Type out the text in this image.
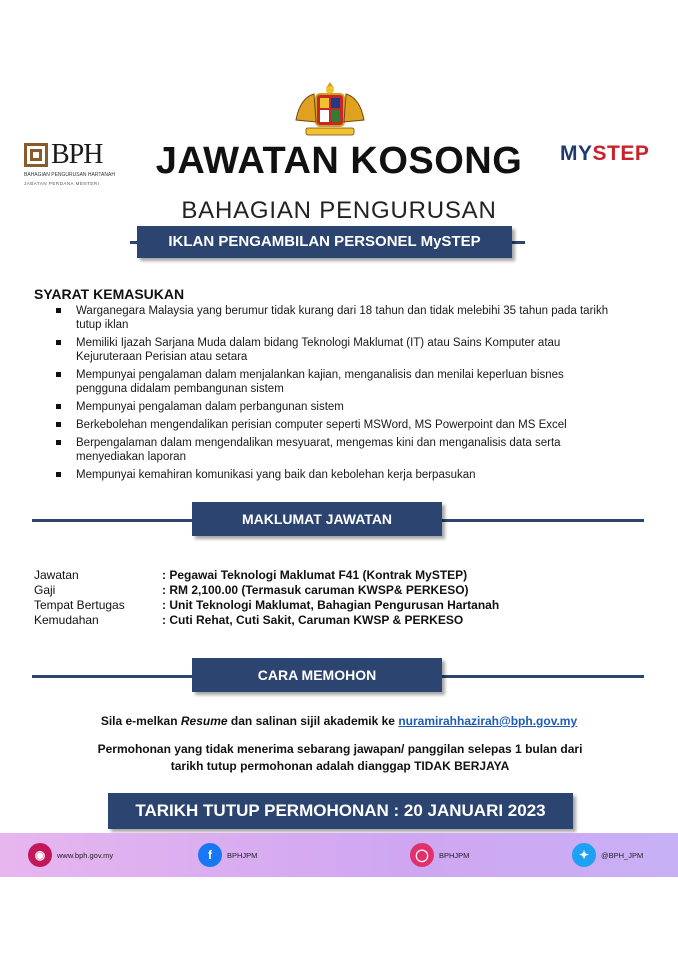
BPH
BAHAGIAN PENGURUSAN HARTANAH
JABATAN PERDANA MENTERI
MYSTEP
JAWATAN KOSONG
BAHAGIAN PENGURUSAN
IKLAN PENGAMBILAN PERSONEL MySTEP
SYARAT KEMASUKAN
Warganegara Malaysia yang berumur tidak kurang dari 18 tahun dan tidak melebihi 35 tahun pada tarikh tutup iklan
Memiliki Ijazah Sarjana Muda dalam bidang Teknologi Maklumat (IT) atau Sains Komputer atau Kejuruteraan Perisian atau setara
Mempunyai pengalaman dalam menjalankan kajian, menganalisis dan menilai keperluan bisnes pengguna didalam pembangunan sistem
Mempunyai pengalaman dalam perbangunan sistem
Berkebolehan mengendalikan perisian computer seperti MSWord, MS Powerpoint dan MS Excel
Berpengalaman dalam mengendalikan mesyuarat, mengemas kini dan menganalisis data serta menyediakan laporan
Mempunyai kemahiran komunikasi yang baik dan kebolehan kerja berpasukan
MAKLUMAT JAWATAN
Jawatan	: Pegawai Teknologi Maklumat F41 (Kontrak MySTEP)
Gaji	: RM 2,100.00 (Termasuk caruman KWSP& PERKESO)
Tempat Bertugas	: Unit Teknologi Maklumat, Bahagian Pengurusan Hartanah
Kemudahan	: Cuti Rehat, Cuti Sakit, Caruman KWSP & PERKESO
CARA MEMOHON
Sila e-melkan Resume dan salinan sijil akademik ke nuramirahhazirah@bph.gov.my
Permohonan yang tidak menerima sebarang jawapan/ panggilan selepas 1 bulan dari tarikh tutup permohonan adalah dianggap TIDAK BERJAYA
TARIKH TUTUP PERMOHONAN : 20 JANUARI 2023
◉	www.bph.gov.my	f	BPHJPM	◯	BPHJPM	✦	@BPH_JPM
